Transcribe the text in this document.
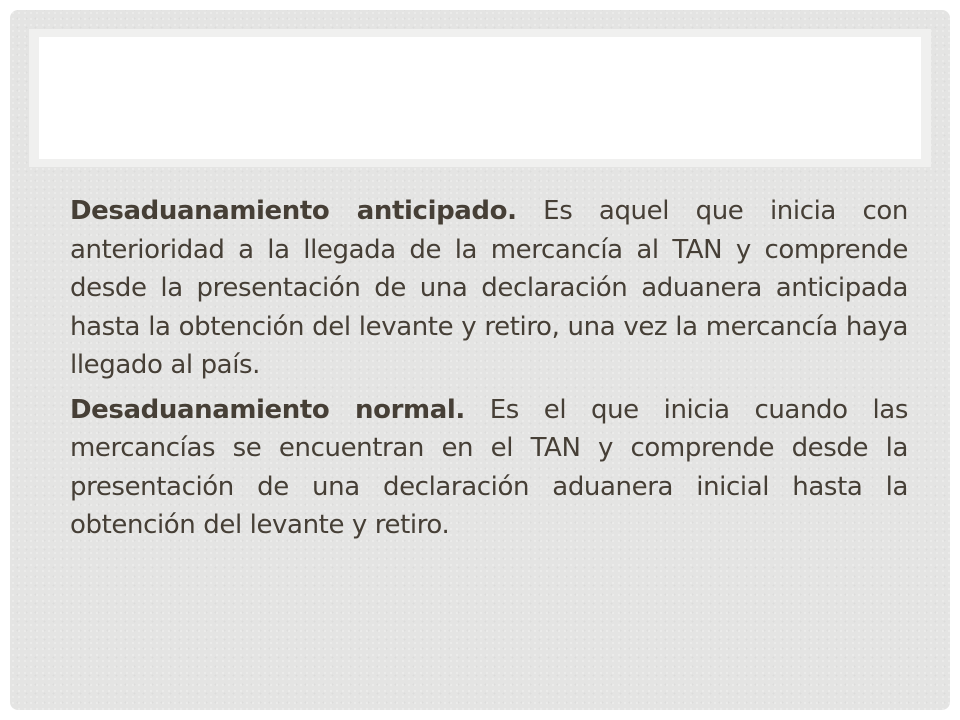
Desaduanamiento anticipado. Es aquel que inicia con anterioridad a la llegada de la mercancía al TAN y comprende desde la presentación de una declaración aduanera anticipada hasta la obtención del levante y retiro, una vez la mercancía haya llegado al país.

Desaduanamiento normal. Es el que inicia cuando las mercancías se encuentran en el TAN y comprende desde la presentación de una declaración aduanera inicial hasta la obtención del levante y retiro.
